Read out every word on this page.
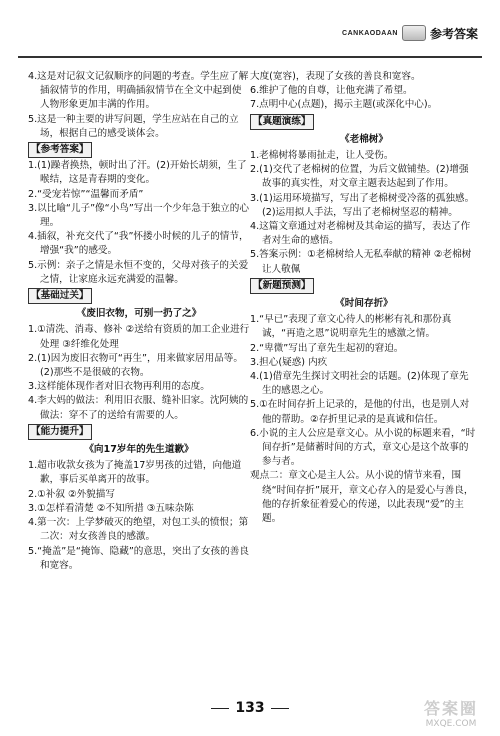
CANKAODAAN	参考答案

4.这是对记叙文记叙顺序的问题的考查。学生应了解插叙情节的作用，明确插叙情节在全文中起到使人物形象更加丰满的作用。

5.这是一种主要的讲写问题，学生应站在自己的立场，根据自己的感受谈体会。

【参考答案】

1.(1)躁者换热，顿时出了汗。(2)开始长胡须，生了喉结，这是青春期的变化。

2.“受宠若惊”“温馨而矛盾”

3.以比喻“儿子”像“小鸟”写出一个少年急于独立的心理。

4.插叙，补充交代了“我”怀搂小时候的儿子的情节，增强“我”的感受。

5.示例：亲子之情是永恒不变的，父母对孩子的关爱之情，让家庭永远充满爱的温馨。

【基础过关】
《废旧衣物，可别一扔了之》

1.①清洗、消毒、修补 ②送给有资质的加工企业进行处理 ③纤维化处理

2.(1)因为废旧衣物可“再生”，用来做家居用品等。(2)那些不是很破的衣物。

3.这样能体现作者对旧衣物再利用的态度。

4.李大妈的做法：利用旧衣服、缝补旧家。沈阿姨的做法：穿不了的送给有需要的人。

【能力提升】
《向17岁年的先生道歉》

1.超市收款女孩为了掩盖17岁男孩的过错，向他道歉，事后买单离开的故事。

2.①补叙 ②外貌描写

3.①怎样看清楚 ②不知所措 ③五味杂陈

4.第一次：上学梦破灭的绝望，对包工头的愤恨；第二次：对女孩善良的感激。

5.“掩盖”是“掩饰、隐藏”的意思，突出了女孩的善良和宽容。

大度(宽容)，表现了女孩的善良和宽容。

6.维护了他的自尊，让他充满了希望。

7.点明中心(点题)，揭示主题(或深化中心)。

【真题演练】
《老棉树》

1.老棉树将暴雨扯走，让人受伤。

2.(1)交代了老棉树的位置，为后文做铺垫。(2)增强故事的真实性，对文章主题表达起到了作用。

3.(1)运用环境描写，写出了老棉树受冷落的孤独感。(2)运用拟人手法，写出了老棉树坚忍的精神。

4.这篇文章通过对老棉树及其命运的描写，表达了作者对生命的感悟。

5.答案示例：①老棉树给人无私奉献的精神 ②老棉树让人敬佩

【新题预测】
《时间存折》

1.“早已”表现了章文心待人的彬彬有礼和那份真诚，“再造之恩”说明章先生的感激之情。

2.“卑微”写出了章先生起初的窘迫。

3.担心(疑惑) 内疚

4.(1)借章先生探讨文明社会的话题。(2)体现了章先生的感恩之心。

5.①在时间存折上记录的，是他的付出，也是别人对他的帮助。②存折里记录的是真诚和信任。

6.小说的主人公应是章文心。从小说的标题来看，“时间存折”是储蓄时间的方式，章文心是这个故事的参与者。

观点二：章文心是主人公。从小说的情节来看，围绕“时间存折”展开，章文心存入的是爱心与善良，他的存折象征着爱心的传递，以此表现“爱”的主题。

133	答案圈
MXQE.COM
